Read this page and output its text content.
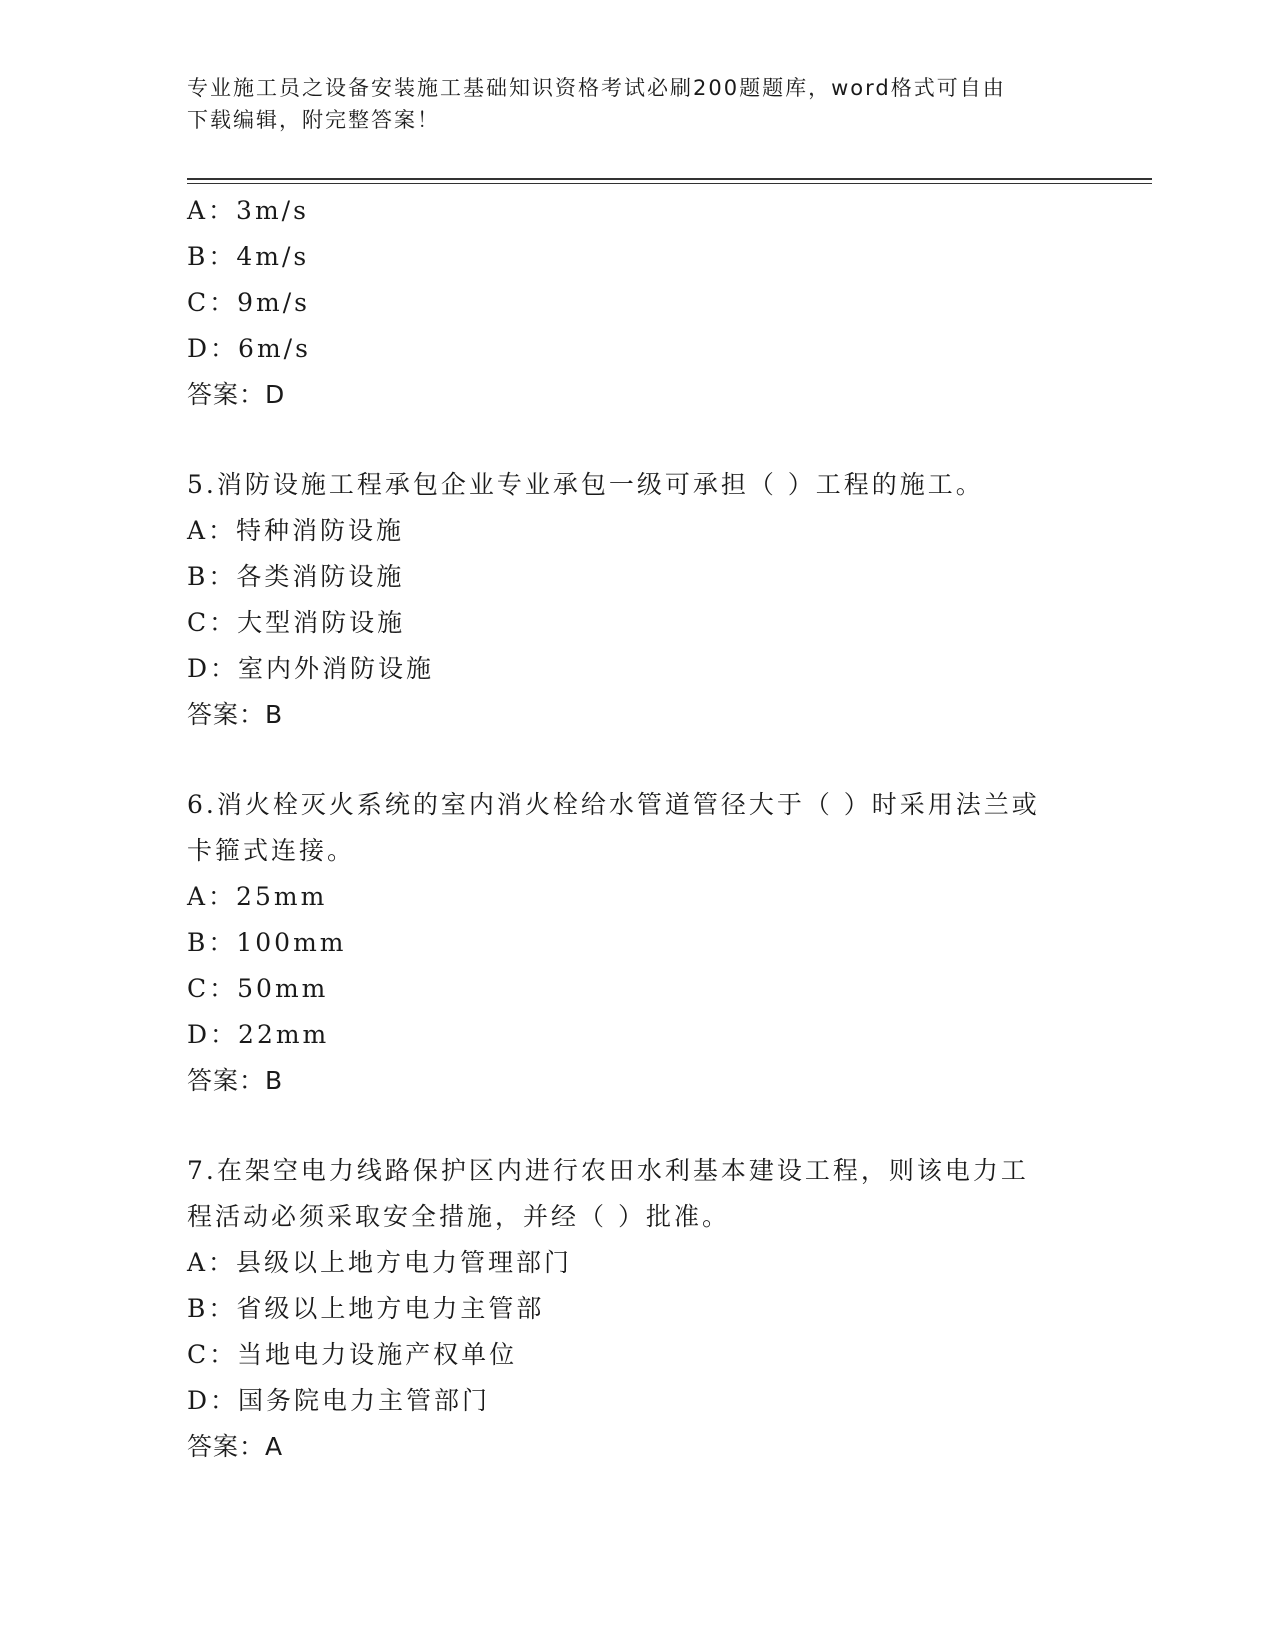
专业施工员之设备安装施工基础知识资格考试必刷200题题库，word格式可自由
下载编辑，附完整答案！
A：3m/s
B：4m/s
C：9m/s
D：6m/s
答案：D
5.消防设施工程承包企业专业承包一级可承担（ ）工程的施工。
A：特种消防设施
B：各类消防设施
C：大型消防设施
D：室内外消防设施
答案：B
6.消火栓灭火系统的室内消火栓给水管道管径大于（ ）时采用法兰或
卡箍式连接。
A：25mm
B：100mm
C：50mm
D：22mm
答案：B
7.在架空电力线路保护区内进行农田水利基本建设工程，则该电力工
程活动必须采取安全措施，并经（ ）批准。
A：县级以上地方电力管理部门
B：省级以上地方电力主管部
C：当地电力设施产权单位
D：国务院电力主管部门
答案：A
